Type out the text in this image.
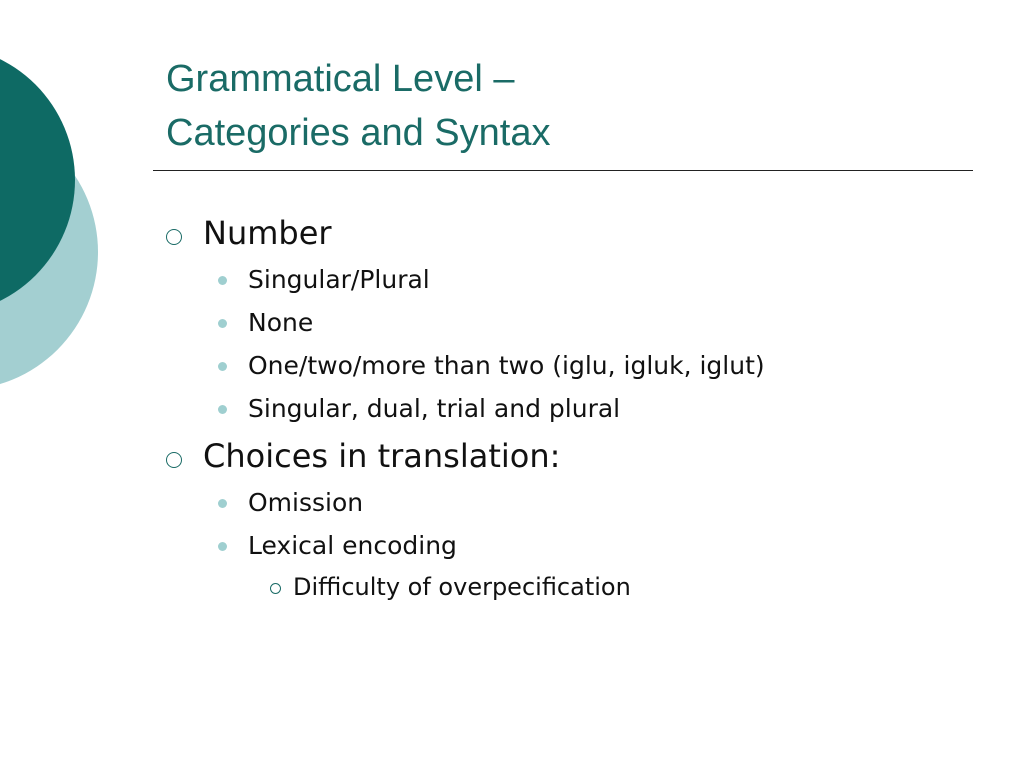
Grammatical Level –
Categories and Syntax
Number
Singular/Plural
None
One/two/more than two (iglu, igluk, iglut)
Singular, dual, trial and plural
Choices in translation:
Omission
Lexical encoding
Difficulty of overpecification
